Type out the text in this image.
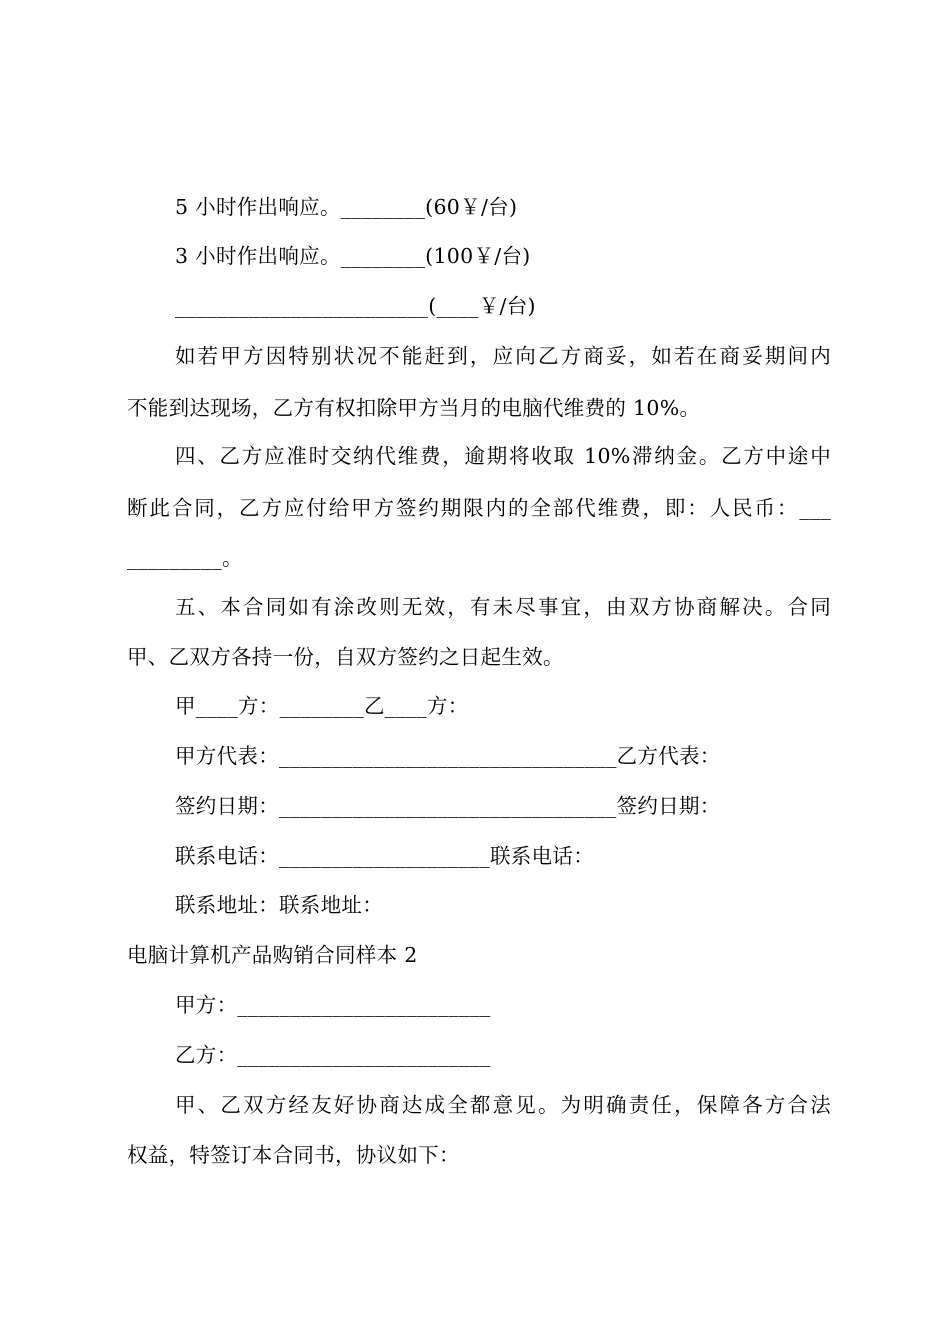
5 小时作出响应。________(60￥/台)
3 小时作出响应。________(100￥/台)
________________________(____￥/台)
如若甲方因特别状况不能赶到，应向乙方商妥，如若在商妥期间内
不能到达现场，乙方有权扣除甲方当月的电脑代维费的 10%。
四、乙方应准时交纳代维费，逾期将收取 10%滞纳金。乙方中途中
断此合同，乙方应付给甲方签约期限内的全部代维费，即：人民币：___
_________。
五、本合同如有涂改则无效，有未尽事宜，由双方协商解决。合同
甲、乙双方各持一份，自双方签约之日起生效。
甲____方：________乙____方：
甲方代表：________________________________乙方代表：
签约日期：________________________________签约日期：
联系电话：____________________联系电话：
联系地址：联系地址：
电脑计算机产品购销合同样本 2
甲方：________________________
乙方：________________________
甲、乙双方经友好协商达成全都意见。为明确责任，保障各方合法
权益，特签订本合同书，协议如下：
